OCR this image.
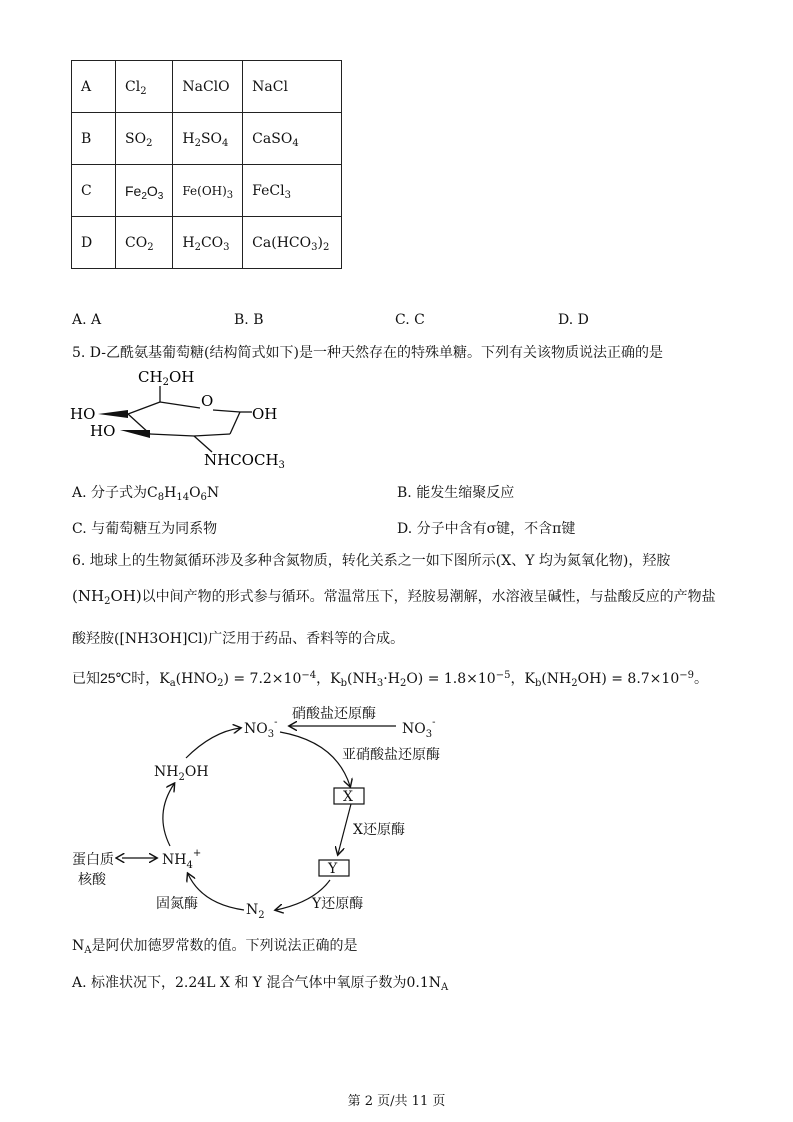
A	$Cl_2$	NaClO	NaCl
B	$SO_2$	$H_2SO_4$	CaSO$_4$
C	$Fe_2O_3$	$Fe(OH)_3$	FeCl$_3$
D	$CO_2$	$H_2CO_3$	$Ca(HCO_3)_2$
A. A	B. B	C. C	D. D
5. D-乙酰氨基葡萄糖(结构简式如下)是一种天然存在的特殊单糖。下列有关该物质说法正确的是
$CH_2OH$
O
HO
HO
OH
$NHCOCH_3$
A. 分子式为$C_8H_{14}O_6N$	B. 能发生缩聚反应
C. 与葡萄糖互为同系物	D. 分子中含有σ键，不含π键
6. 地球上的生物氮循环涉及多种含氮物质，转化关系之一如下图所示(X、Y 均为氮氧化物)，羟胺
$(NH_2OH)$以中间产物的形式参与循环。常温常压下，羟胺易潮解，水溶液呈碱性，与盐酸反应的产物盐
酸羟胺([NH3OH]Cl)广泛用于药品、香料等的合成。
已知25℃时，$K_a(HNO_2) = 7.2\times 10^{-4}$，$K_b(NH_3\cdot H_2O) = 1.8\times 10^{-5}$，$K_b(NH_2OH) = 8.7\times 10^{-9}$。
$NO_3^-$	$NO_3^-$
硝酸盐还原酶
亚硝酸盐还原酶
X
X还原酶
Y
Y还原酶
$N_2$
固氮酶
$NH_4^+$
$NH_2OH$
蛋白质
核酸
$N_A$是阿伏加德罗常数的值。下列说法正确的是
A. 标准状况下，2.24L X 和 Y 混合气体中氧原子数为$0.1N_A$
第 2 页/共 11 页
